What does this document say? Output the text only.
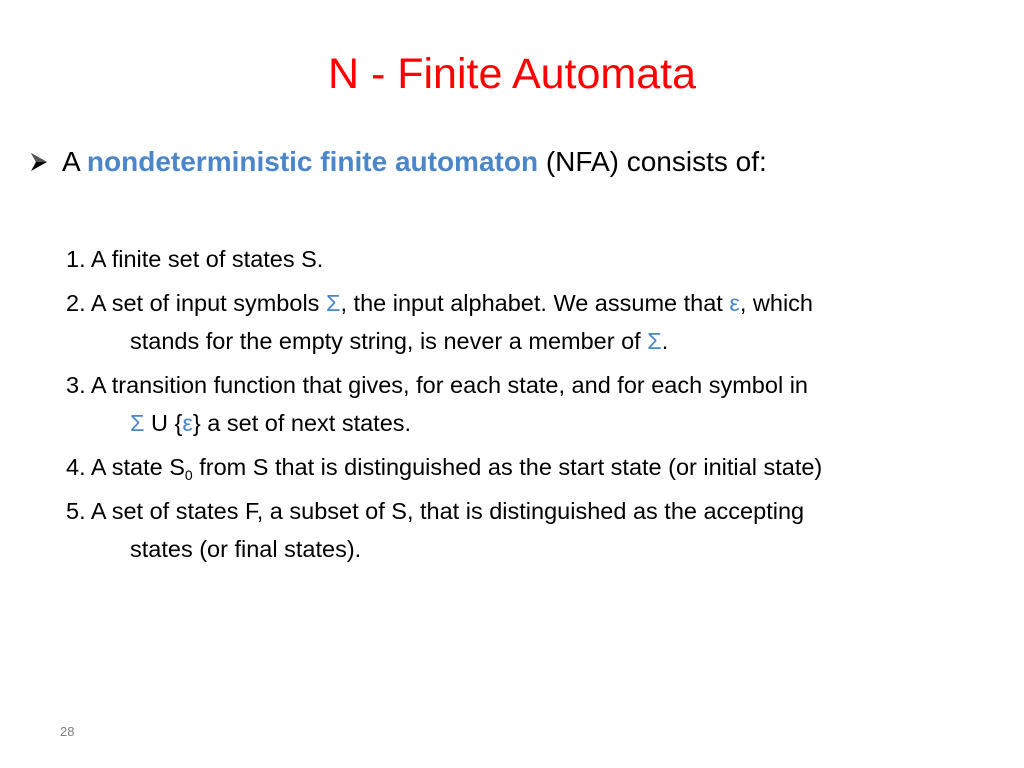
N - Finite Automata
A nondeterministic finite automaton (NFA) consists of:
1. A finite set of states S.
2. A set of input symbols Σ, the input alphabet. We assume that ε, which
stands for the empty string, is never a member of Σ.
3. A transition function that gives, for each state, and for each symbol in
Σ U {ε} a set of next states.
4. A state $S_0$ from S that is distinguished as the start state (or initial state)
5. A set of states F, a subset of S, that is distinguished as the accepting
states (or final states).
28
